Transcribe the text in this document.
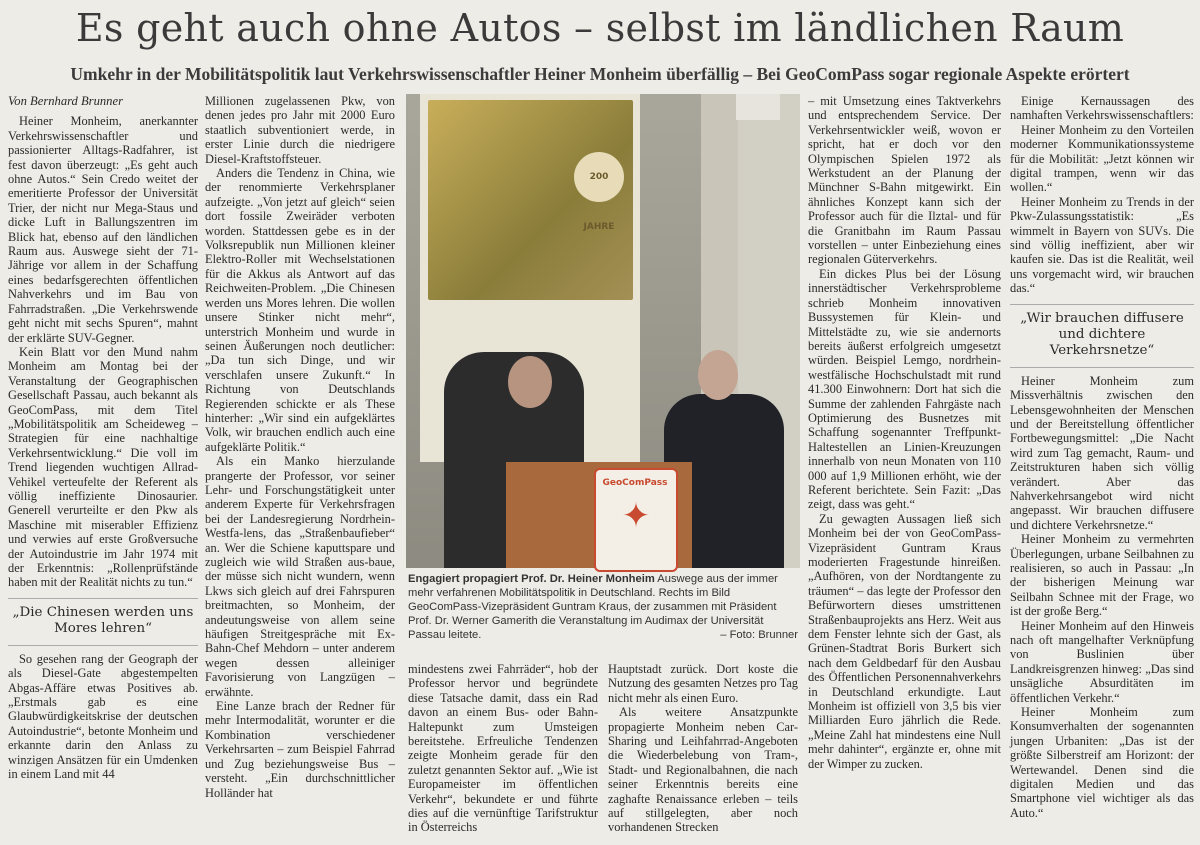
Es geht auch ohne Autos – selbst im ländlichen Raum
Umkehr in der Mobilitätspolitik laut Verkehrswissenschaftler Heiner Monheim überfällig – Bei GeoComPass sogar regionale Aspekte erörtert

Von Bernhard Brunner

Heiner Monheim, anerkannter Verkehrswissenschaftler und passionierter Alltags-Radfahrer, ist fest davon überzeugt: „Es geht auch ohne Autos.“ Sein Credo weitet der emeritierte Professor der Universität Trier, der nicht nur Mega-Staus und dicke Luft in Ballungszentren im Blick hat, ebenso auf den ländlichen Raum aus. Auswege sieht der 71-Jährige vor allem in der Schaffung eines bedarfsgerechten öffentlichen Nahverkehrs und im Bau von Fahrradstraßen. „Die Verkehrswende geht nicht mit sechs Spuren“, mahnt der erklärte SUV-Gegner.

Kein Blatt vor den Mund nahm Monheim am Montag bei der Veranstaltung der Geographischen Gesellschaft Passau, auch bekannt als GeoComPass, mit dem Titel „Mobilitätspolitik am Scheideweg – Strategien für eine nachhaltige Verkehrsentwicklung.“ Die voll im Trend liegenden wuchtigen Allrad-Vehikel verteufelte der Referent als völlig ineffiziente Dinosaurier. Generell verurteilte er den Pkw als Maschine mit miserabler Effizienz und verwies auf erste Großversuche der Autoindustrie im Jahr 1974 mit der Erkenntnis: „Rollenprüfstände haben mit der Realität nichts zu tun.“

„Die Chinesen werden uns Mores lehren“

So gesehen rang der Geograph der als Diesel-Gate abgestempelten Abgas-Affäre etwas Positives ab. „Erstmals gab es eine Glaubwürdigkeitskrise der deutschen Autoindustrie“, betonte Monheim und erkannte darin den Anlass zu winzigen Ansätzen für ein Umdenken in einem Land mit 44

Millionen zugelassenen Pkw, von denen jedes pro Jahr mit 2000 Euro staatlich subventioniert werde, in erster Linie durch die niedrigere Diesel-Kraftstoffsteuer.

Anders die Tendenz in China, wie der renommierte Verkehrsplaner aufzeigte. „Von jetzt auf gleich“ seien dort fossile Zweiräder verboten worden. Stattdessen gebe es in der Volksrepublik nun Millionen kleiner Elektro-Roller mit Wechselstationen für die Akkus als Antwort auf das Reichweiten-Problem. „Die Chinesen werden uns Mores lehren. Die wollen unsere Stinker nicht mehr“, unterstrich Monheim und wurde in seinen Äußerungen noch deutlicher: „Da tun sich Dinge, und wir verschlafen unsere Zukunft.“ In Richtung von Deutschlands Regierenden schickte er als These hinterher: „Wir sind ein aufgeklärtes Volk, wir brauchen endlich auch eine aufgeklärte Politik.“

Als ein Manko hierzulande prangerte der Professor, vor seiner Lehr- und Forschungstätigkeit unter anderem Experte für Verkehrsfragen bei der Landesregierung Nordrhein-Westfa-lens, das „Straßenbaufieber“ an. Wer die Schiene kaputtspare und zugleich wie wild Straßen aus-baue, der müsse sich nicht wundern, wenn Lkws sich gleich auf drei Fahrspuren breitmachten, so Monheim, der andeutungsweise von allem seine häufigen Streitgespräche mit Ex-Bahn-Chef Mehdorn – unter anderem wegen dessen alleiniger Favorisierung von Langzügen – erwähnte.

Eine Lanze brach der Redner für mehr Intermodalität, worunter er die Kombination verschiedener Verkehrsarten – zum Beispiel Fahrrad und Zug beziehungsweise Bus – versteht. „Ein durchschnittlicher Holländer hat

200 JAHRE
GeoComPass
✦
Engagiert propagiert Prof. Dr. Heiner Monheim Auswege aus der immer mehr verfahrenen Mobilitätspolitik in Deutschland. Rechts im Bild GeoComPass-Vizepräsident Guntram Kraus, der zusammen mit Präsident Prof. Dr. Werner Gamerith die Veranstaltung im Audimax der Universität Passau leitete.	– Foto: Brunner

mindestens zwei Fahrräder“, hob der Professor hervor und begründete diese Tatsache damit, dass ein Rad davon an einem Bus- oder Bahn-Haltepunkt zum Umsteigen bereitstehe. Erfreuliche Tendenzen zeigte Monheim gerade für den zuletzt genannten Sektor auf. „Wie ist Europameister im öffentlichen Verkehr“, bekundete er und führte dies auf die vernünftige Tarifstruktur in Österreichs

Hauptstadt zurück. Dort koste die Nutzung des gesamten Netzes pro Tag nicht mehr als einen Euro.

Als weitere Ansatzpunkte propagierte Monheim neben Car-Sharing und Leihfahrrad-Angeboten die Wiederbelebung von Tram-, Stadt- und Regionalbahnen, die nach seiner Erkenntnis bereits eine zaghafte Renaissance erleben – teils auf stillgelegten, aber noch vorhandenen Strecken

– mit Umsetzung eines Taktverkehrs und entsprechendem Service. Der Verkehrsentwickler weiß, wovon er spricht, hat er doch vor den Olympischen Spielen 1972 als Werkstudent an der Planung der Münchner S-Bahn mitgewirkt. Ein ähnliches Konzept kann sich der Professor auch für die Ilztal- und für die Granitbahn im Raum Passau vorstellen – unter Einbeziehung eines regionalen Güterverkehrs.

Ein dickes Plus bei der Lösung innerstädtischer Verkehrsprobleme schrieb Monheim innovativen Bussystemen für Klein- und Mittelstädte zu, wie sie andernorts bereits äußerst erfolgreich umgesetzt würden. Beispiel Lemgo, nordrhein-westfälische Hochschulstadt mit rund 41.300 Einwohnern: Dort hat sich die Summe der zahlenden Fahrgäste nach Optimierung des Busnetzes mit Schaffung sogenannter Treffpunkt-Haltestellen an Linien-Kreuzungen innerhalb von neun Monaten von 110 000 auf 1,9 Millionen erhöht, wie der Referent berichtete. Sein Fazit: „Das zeigt, dass was geht.“

Zu gewagten Aussagen ließ sich Monheim bei der von GeoComPass-Vizepräsident Guntram Kraus moderierten Fragestunde hinreißen. „Aufhören, von der Nordtangente zu träumen“ – das legte der Professor den Befürwortern dieses umstrittenen Straßenbauprojekts ans Herz. Weit aus dem Fenster lehnte sich der Gast, als Grünen-Stadtrat Boris Burkert sich nach dem Geldbedarf für den Ausbau des Öffentlichen Personennahverkehrs in Deutschland erkundigte. Laut Monheim ist offiziell von 3,5 bis vier Milliarden Euro jährlich die Rede. „Meine Zahl hat mindestens eine Null mehr dahinter“, ergänzte er, ohne mit der Wimper zu zucken.

Einige Kernaussagen des namhaften Verkehrswissenschaftlers:

Heiner Monheim zu den Vorteilen moderner Kommunikationssysteme für die Mobilität: „Jetzt können wir digital trampen, wenn wir das wollen.“

Heiner Monheim zu Trends in der Pkw-Zulassungsstatistik: „Es wimmelt in Bayern von SUVs. Die sind völlig ineffizient, aber wir kaufen sie. Das ist die Realität, weil uns vorgemacht wird, wir brauchen das.“

„Wir brauchen diffusere und dichtere Verkehrsnetze“

Heiner Monheim zum Missverhältnis zwischen den Lebensgewohnheiten der Menschen und der Bereitstellung öffentlicher Fortbewegungsmittel: „Die Nacht wird zum Tag gemacht, Raum- und Zeitstrukturen haben sich völlig verändert. Aber das Nahverkehrsangebot wird nicht angepasst. Wir brauchen diffusere und dichtere Verkehrsnetze.“

Heiner Monheim zu vermehrten Überlegungen, urbane Seilbahnen zu realisieren, so auch in Passau: „In der bisherigen Meinung war Seilbahn Schnee mit der Frage, wo ist der große Berg.“

Heiner Monheim auf den Hinweis nach oft mangelhafter Verknüpfung von Buslinien über Landkreisgrenzen hinweg: „Das sind unsägliche Absurditäten im öffentlichen Verkehr.“

Heiner Monheim zum Konsumverhalten der sogenannten jungen Urbaniten: „Das ist der größte Silberstreif am Horizont: der Wertewandel. Denen sind die digitalen Medien und das Smartphone viel wichtiger als das Auto.“
